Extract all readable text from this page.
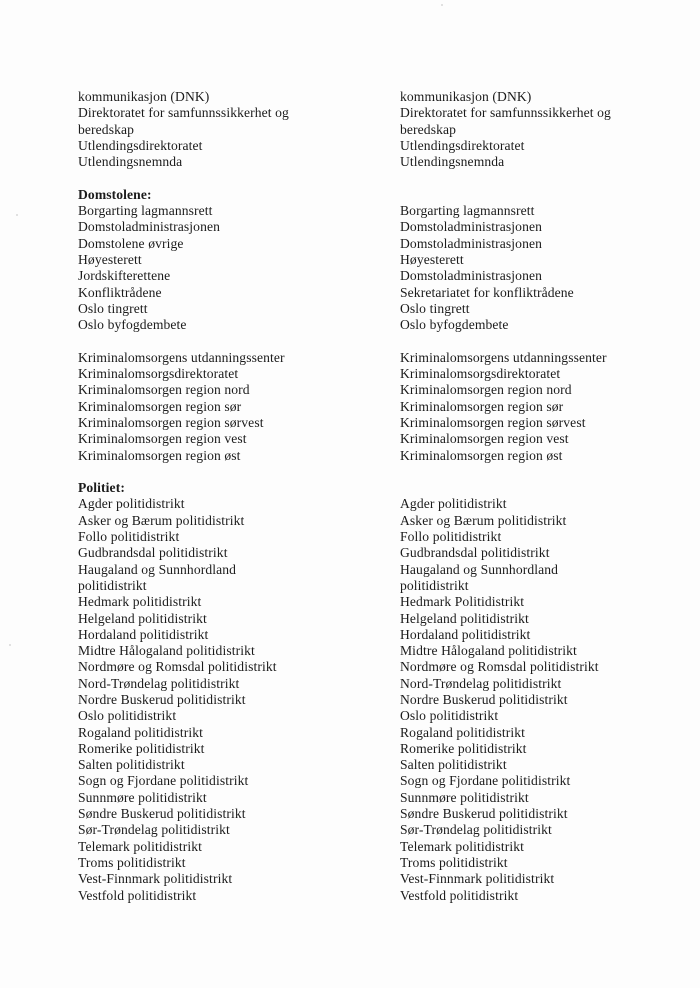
kommunikasjon (DNK)
Direktoratet for samfunnssikkerhet og
beredskap
Utlendingsdirektoratet
Utlendingsnemnda

Domstolene:
Borgarting lagmannsrett
Domstoladministrasjonen
Domstolene øvrige
Høyesterett
Jordskifterettene
Konfliktrådene
Oslo tingrett
Oslo byfogdembete

Kriminalomsorgens utdanningssenter
Kriminalomsorgsdirektoratet
Kriminalomsorgen region nord
Kriminalomsorgen region sør
Kriminalomsorgen region sørvest
Kriminalomsorgen region vest
Kriminalomsorgen region øst

Politiet:
Agder politidistrikt
Asker og Bærum politidistrikt
Follo politidistrikt
Gudbrandsdal politidistrikt
Haugaland og Sunnhordland
politidistrikt
Hedmark politidistrikt
Helgeland politidistrikt
Hordaland politidistrikt
Midtre Hålogaland politidistrikt
Nordmøre og Romsdal politidistrikt
Nord-Trøndelag politidistrikt
Nordre Buskerud politidistrikt
Oslo politidistrikt
Rogaland politidistrikt
Romerike politidistrikt
Salten politidistrikt
Sogn og Fjordane politidistrikt
Sunnmøre politidistrikt
Søndre Buskerud politidistrikt
Sør-Trøndelag politidistrikt
Telemark politidistrikt
Troms politidistrikt
Vest-Finnmark politidistrikt
Vestfold politidistrikt
kommunikasjon (DNK)
Direktoratet for samfunnssikkerhet og
beredskap
Utlendingsdirektoratet
Utlendingsnemnda

Borgarting lagmannsrett
Domstoladministrasjonen
Domstoladministrasjonen
Høyesterett
Domstoladministrasjonen
Sekretariatet for konfliktrådene
Oslo tingrett
Oslo byfogdembete

Kriminalomsorgens utdanningssenter
Kriminalomsorgsdirektoratet
Kriminalomsorgen region nord
Kriminalomsorgen region sør
Kriminalomsorgen region sørvest
Kriminalomsorgen region vest
Kriminalomsorgen region øst

Agder politidistrikt
Asker og Bærum politidistrikt
Follo politidistrikt
Gudbrandsdal politidistrikt
Haugaland og Sunnhordland
politidistrikt
Hedmark Politidistrikt
Helgeland politidistrikt
Hordaland politidistrikt
Midtre Hålogaland politidistrikt
Nordmøre og Romsdal politidistrikt
Nord-Trøndelag politidistrikt
Nordre Buskerud politidistrikt
Oslo politidistrikt
Rogaland politidistrikt
Romerike politidistrikt
Salten politidistrikt
Sogn og Fjordane politidistrikt
Sunnmøre politidistrikt
Søndre Buskerud politidistrikt
Sør-Trøndelag politidistrikt
Telemark politidistrikt
Troms politidistrikt
Vest-Finnmark politidistrikt
Vestfold politidistrikt
